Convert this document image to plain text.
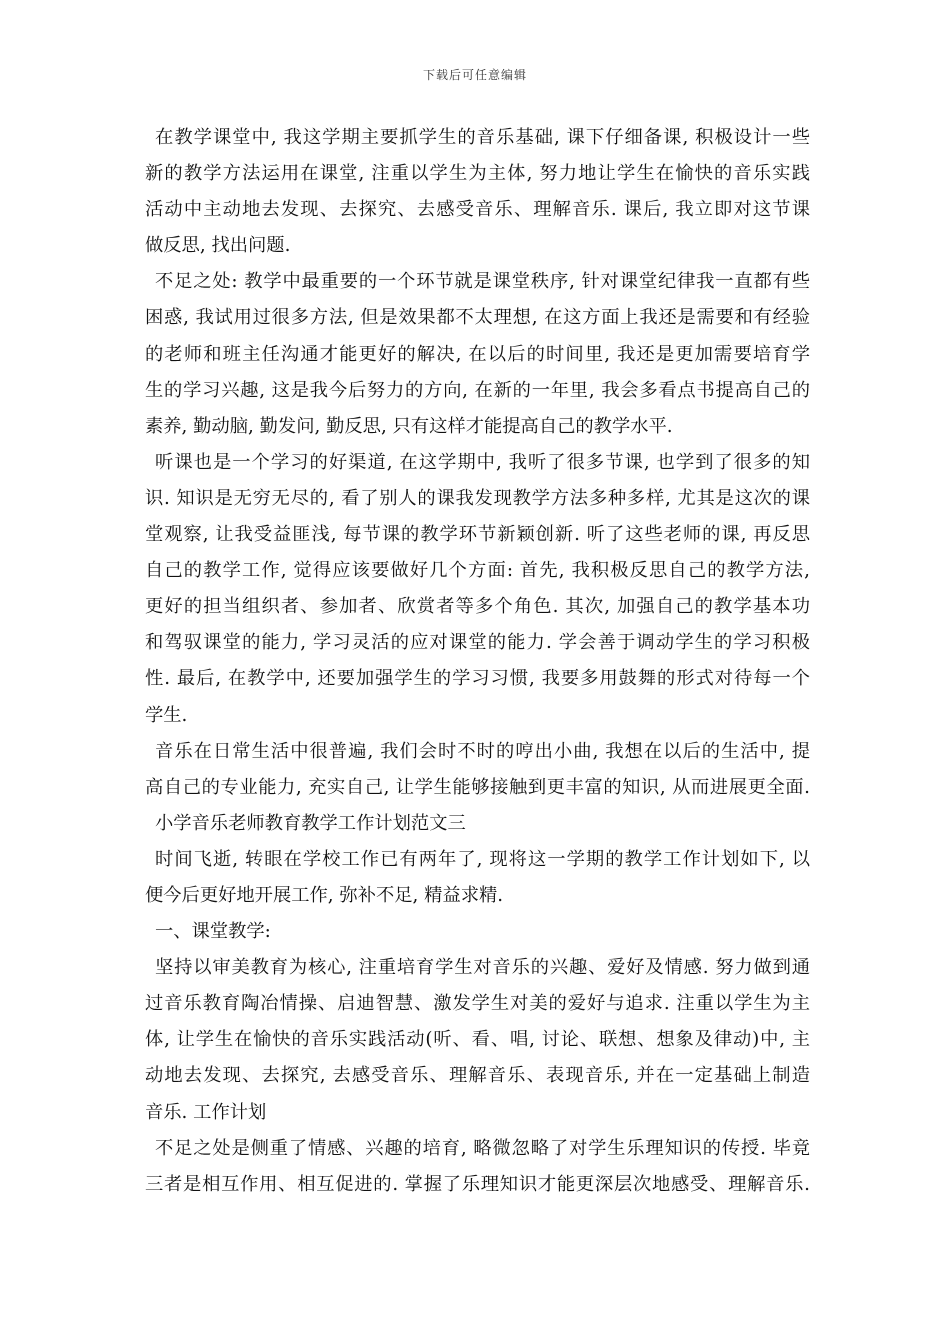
下载后可任意编辑
在教学课堂中, 我这学期主要抓学生的音乐基础, 课下仔细备课, 积极设计一些
新的教学方法运用在课堂, 注重以学生为主体, 努力地让学生在愉快的音乐实践
活动中主动地去发现、去探究、去感受音乐、理解音乐. 课后, 我立即对这节课
做反思, 找出问题.
不足之处: 教学中最重要的一个环节就是课堂秩序, 针对课堂纪律我一直都有些
困惑, 我试用过很多方法, 但是效果都不太理想, 在这方面上我还是需要和有经验
的老师和班主任沟通才能更好的解决, 在以后的时间里, 我还是更加需要培育学
生的学习兴趣, 这是我今后努力的方向, 在新的一年里, 我会多看点书提高自己的
素养, 勤动脑, 勤发问, 勤反思, 只有这样才能提高自己的教学水平.
听课也是一个学习的好渠道, 在这学期中, 我听了很多节课, 也学到了很多的知
识. 知识是无穷无尽的, 看了别人的课我发现教学方法多种多样, 尤其是这次的课
堂观察, 让我受益匪浅, 每节课的教学环节新颖创新. 听了这些老师的课, 再反思
自己的教学工作, 觉得应该要做好几个方面: 首先, 我积极反思自己的教学方法,
更好的担当组织者、参加者、欣赏者等多个角色. 其次, 加强自己的教学基本功
和驾驭课堂的能力, 学习灵活的应对课堂的能力. 学会善于调动学生的学习积极
性. 最后, 在教学中, 还要加强学生的学习习惯, 我要多用鼓舞的形式对待每一个
学生.
音乐在日常生活中很普遍, 我们会时不时的哼出小曲, 我想在以后的生活中, 提
高自己的专业能力, 充实自己, 让学生能够接触到更丰富的知识, 从而进展更全面.
小学音乐老师教育教学工作计划范文三
时间飞逝, 转眼在学校工作已有两年了, 现将这一学期的教学工作计划如下, 以
便今后更好地开展工作, 弥补不足, 精益求精.
一、课堂教学:
坚持以审美教育为核心, 注重培育学生对音乐的兴趣、爱好及情感. 努力做到通
过音乐教育陶冶情操、启迪智慧、激发学生对美的爱好与追求. 注重以学生为主
体, 让学生在愉快的音乐实践活动(听、看、唱, 讨论、联想、想象及律动)中, 主
动地去发现、去探究, 去感受音乐、理解音乐、表现音乐, 并在一定基础上制造
音乐. 工作计划
不足之处是侧重了情感、兴趣的培育, 略微忽略了对学生乐理知识的传授. 毕竟
三者是相互作用、相互促进的. 掌握了乐理知识才能更深层次地感受、理解音乐.
